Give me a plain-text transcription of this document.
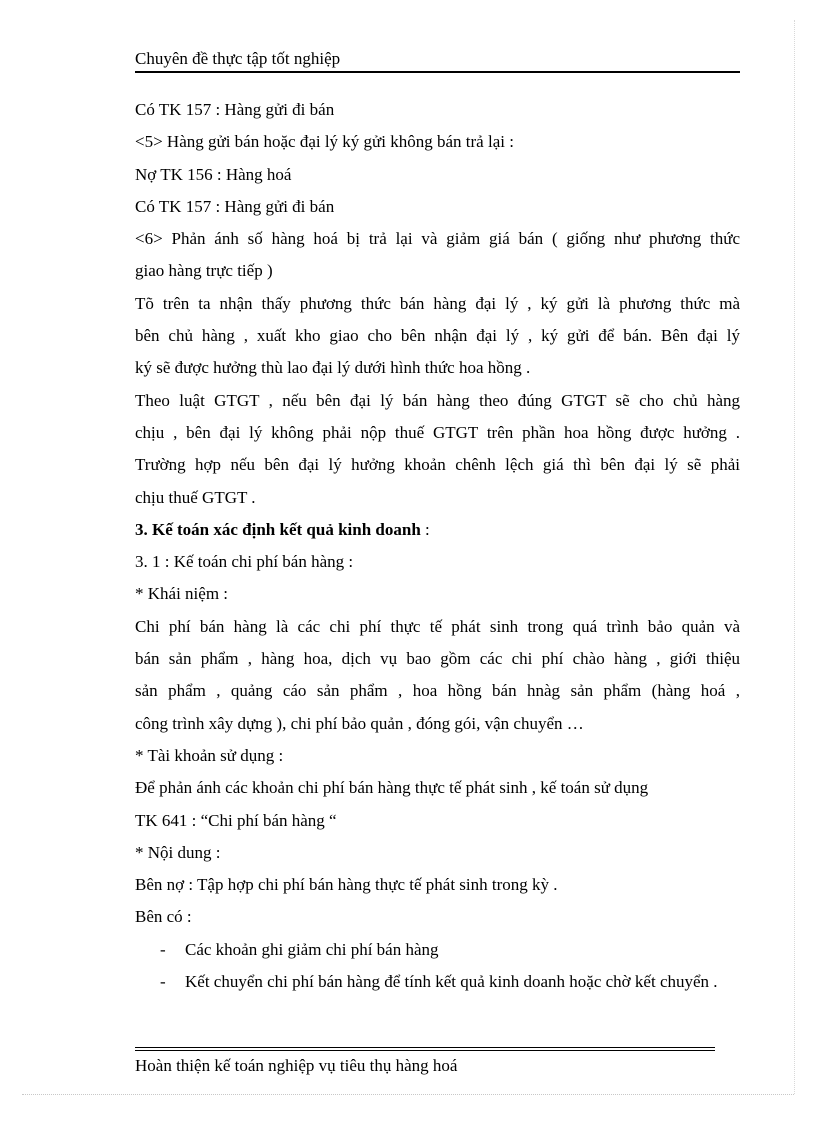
Chuyên đề thực tập tốt nghiệp

Có TK 157 : Hàng gửi đi bán

<5> Hàng gửi bán hoặc đại lý ký gửi không bán trả lại :

Nợ TK 156 : Hàng hoá

Có TK 157 : Hàng gửi đi bán

<6> Phản ánh số hàng hoá bị trả lại và giảm giá bán ( giống như phương thức

giao hàng trực tiếp )

Tõ trên ta nhận thấy phương thức bán hàng đại lý , ký gửi là phương thức mà

bên chủ hàng , xuất kho giao cho bên nhận đại lý , ký gửi để bán. Bên đại lý

ký sẽ được hưởng thù lao đại lý dưới hình thức hoa hồng .

Theo luật GTGT , nếu bên đại lý bán hàng theo đúng GTGT sẽ cho chủ hàng

chịu , bên đại lý không phải nộp thuế GTGT trên phần hoa hồng được hưởng .

Trường hợp nếu bên đại lý hưởng khoản chênh lệch giá thì bên đại lý sẽ phải

chịu thuế GTGT .

3. Kế toán xác định kết quả kinh doanh :

3. 1 : Kế toán chi phí bán hàng :

* Khái niệm :

Chi phí bán hàng là các chi phí thực tế phát sinh trong quá trình bảo quản và

bán sản phẩm , hàng hoa, dịch vụ bao gồm các chi phí chào hàng , giới thiệu

sản phẩm , quảng cáo sản phẩm , hoa hồng bán hnàg sản phẩm (hàng hoá ,

công trình xây dựng ), chi phí bảo quản , đóng gói, vận chuyển …

* Tài khoản sử dụng :

Để phản ánh các khoản chi phí bán hàng thực tế phát sinh , kế toán sử dụng

TK 641 : “Chi phí bán hàng “

* Nội dung :

Bên nợ : Tập hợp chi phí bán hàng thực tế phát sinh trong kỳ .

Bên có :

- Các khoản ghi giảm chi phí bán hàng
- Kết chuyển chi phí bán hàng để tính kết quả kinh doanh hoặc chờ kết chuyển .
Hoàn thiện kế toán nghiệp vụ tiêu thụ hàng hoá
